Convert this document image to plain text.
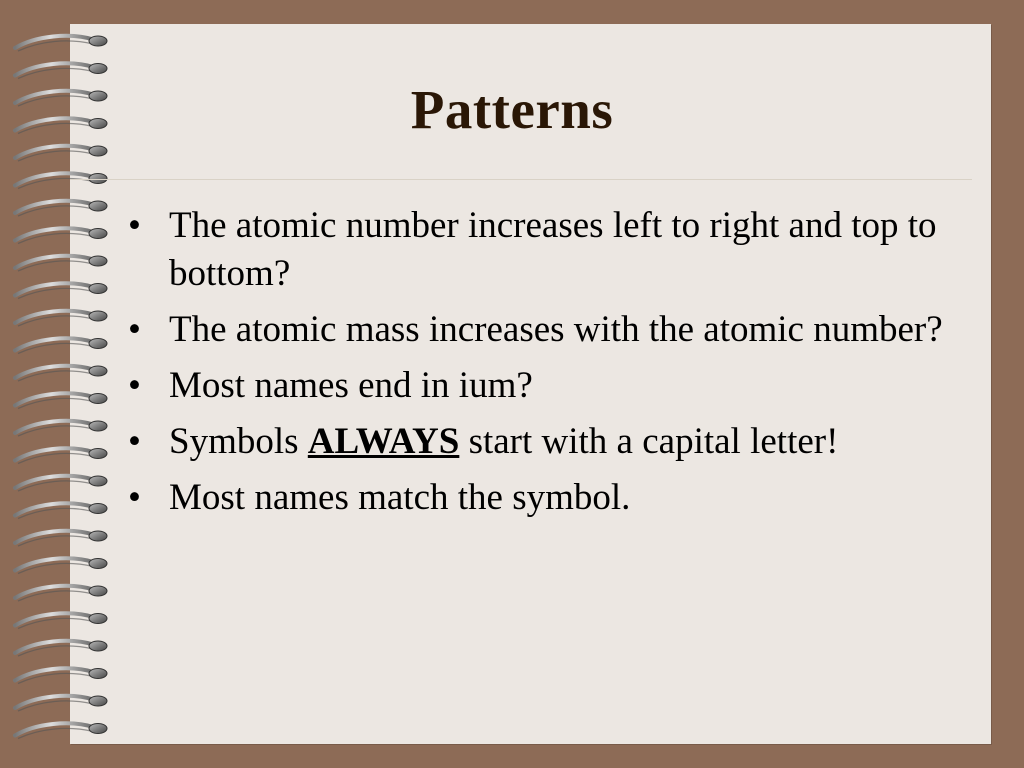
Patterns
• The atomic number increases left to right and top to bottom?
• The atomic mass increases with the atomic number?
• Most names end in ium?
• Symbols ALWAYS start with a capital letter!
• Most names match the symbol.
